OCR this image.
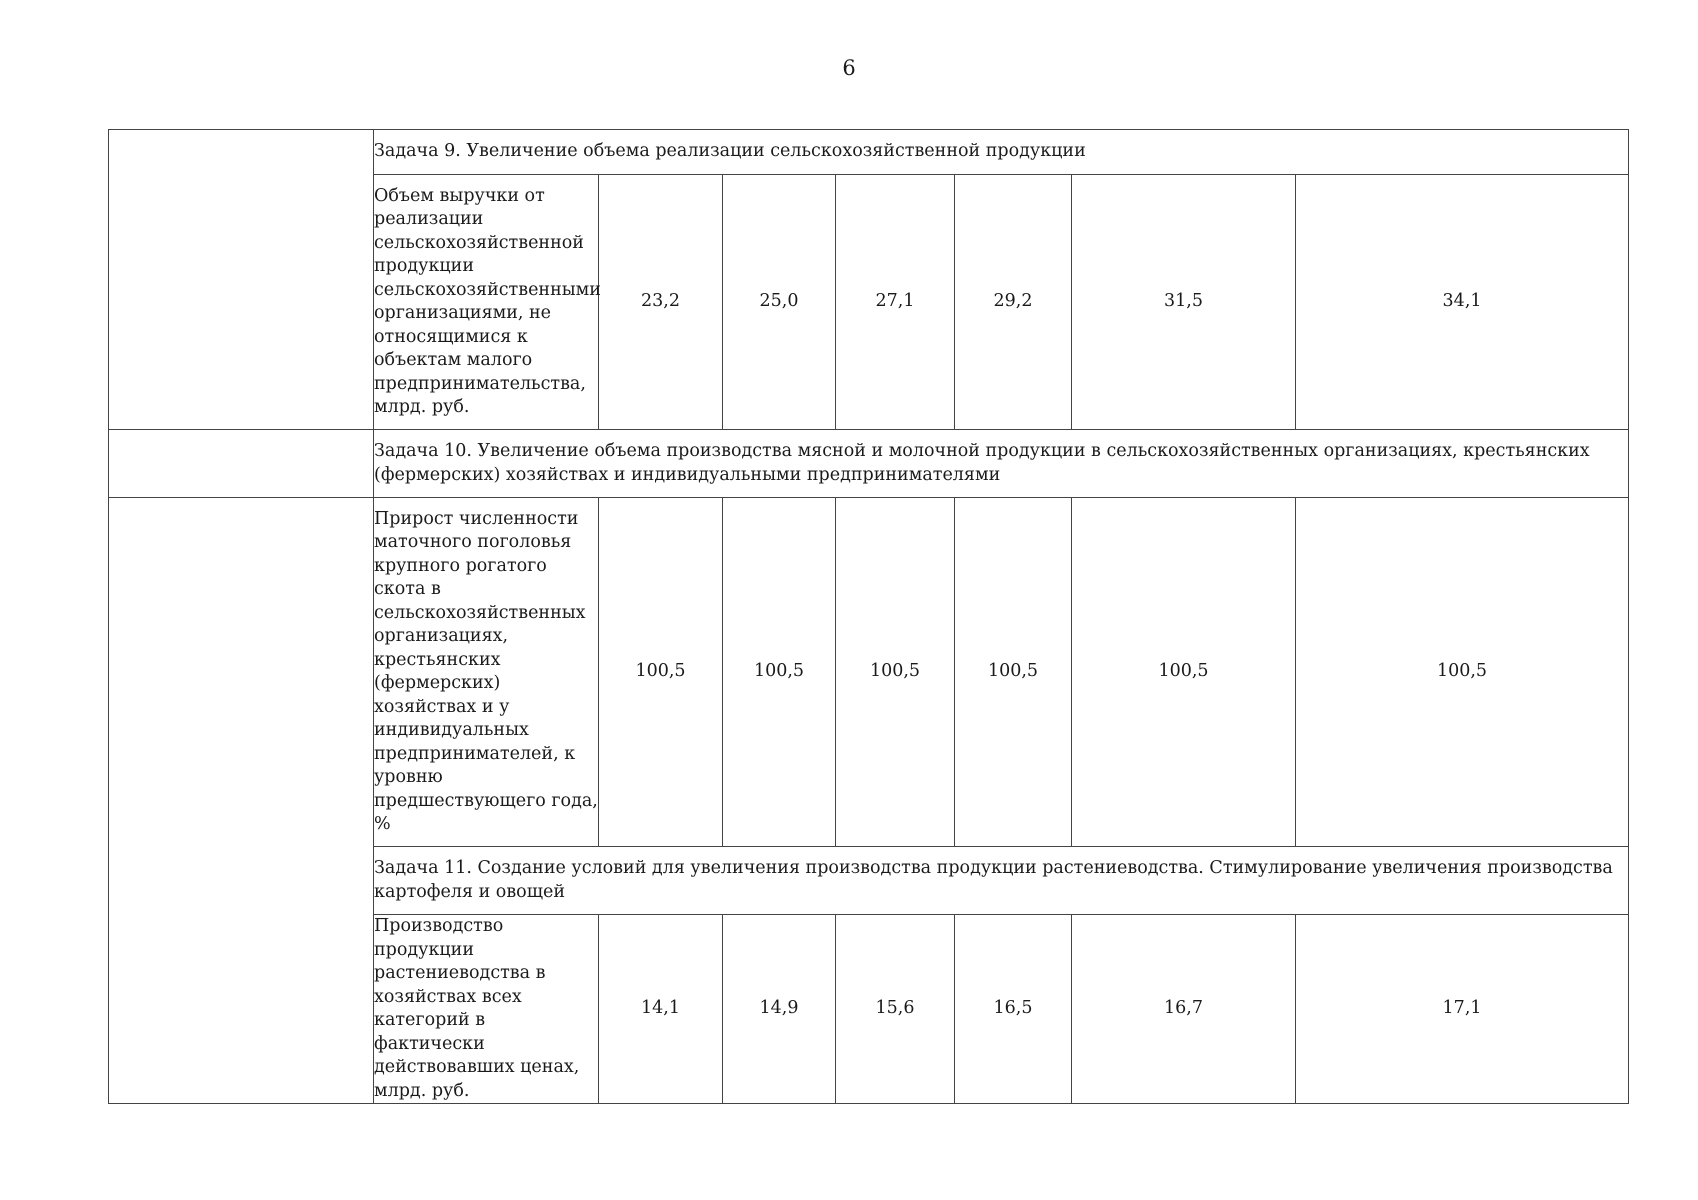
6
	Задача 9. Увеличение объема реализации сельскохозяйственной продукции						
	Объем выручки от реализации сельскохозяйственной продукции сельскохозяйственными организациями, не относящимися к объектам малого предпринимательства, млрд. руб.	23,2	25,0	27,1	29,2	31,5	34,1
	Задача 10. Увеличение объема производства мясной и молочной продукции в сельскохозяйственных организациях, крестьянских (фермерских) хозяйствах и индивидуальными предпринимателями						
	Прирост численности маточного поголовья крупного рогатого скота в сельскохозяйственных организациях, крестьянских (фермерских) хозяйствах и у индивидуальных предпринимателей, к уровню предшествующего года, %	100,5	100,5	100,5	100,5	100,5	100,5
	Задача 11. Создание условий для увеличения производства продукции растениеводства. Стимулирование увеличения производства картофеля и овощей						
	Производство продукции растениеводства в хозяйствах всех категорий в фактически действовавших ценах, млрд. руб.	14,1	14,9	15,6	16,5	16,7	17,1
